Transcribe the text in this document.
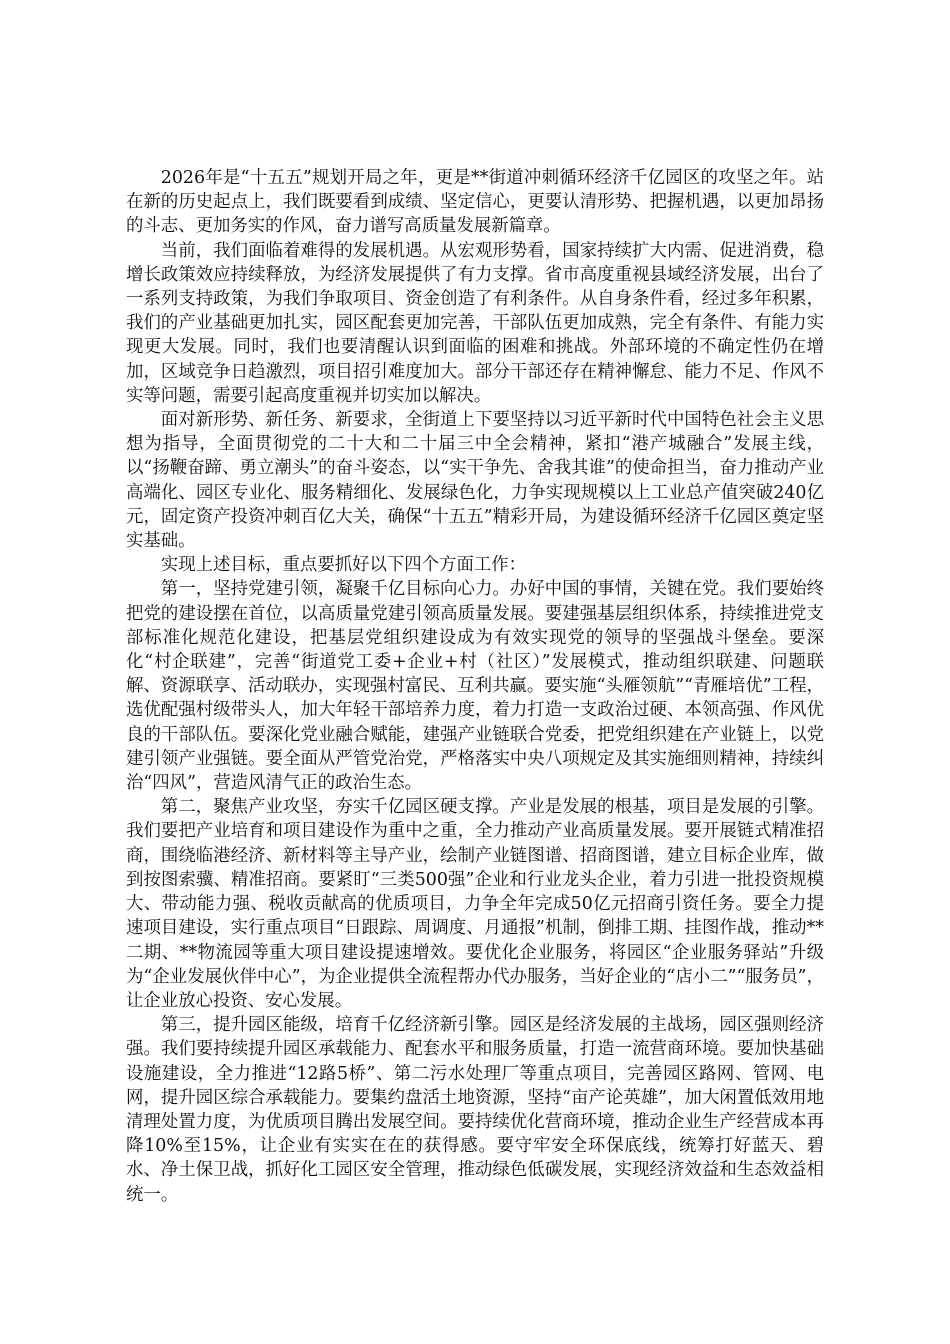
2026年是“十五五”规划开局之年，更是**街道冲刺循环经济千亿园区的攻坚之年。站在新的历史起点上，我们既要看到成绩、坚定信心，更要认清形势、把握机遇，以更加昂扬的斗志、更加务实的作风，奋力谱写高质量发展新篇章。

当前，我们面临着难得的发展机遇。从宏观形势看，国家持续扩大内需、促进消费，稳增长政策效应持续释放，为经济发展提供了有力支撑。省市高度重视县域经济发展，出台了一系列支持政策，为我们争取项目、资金创造了有利条件。从自身条件看，经过多年积累，我们的产业基础更加扎实，园区配套更加完善，干部队伍更加成熟，完全有条件、有能力实现更大发展。同时，我们也要清醒认识到面临的困难和挑战。外部环境的不确定性仍在增加，区域竞争日趋激烈，项目招引难度加大。部分干部还存在精神懈怠、能力不足、作风不实等问题，需要引起高度重视并切实加以解决。

面对新形势、新任务、新要求，全街道上下要坚持以习近平新时代中国特色社会主义思想为指导，全面贯彻党的二十大和二十届三中全会精神，紧扣“港产城融合”发展主线，以“扬鞭奋蹄、勇立潮头”的奋斗姿态，以“实干争先、舍我其谁”的使命担当，奋力推动产业高端化、园区专业化、服务精细化、发展绿色化，力争实现规模以上工业总产值突破240亿元，固定资产投资冲刺百亿大关，确保“十五五”精彩开局，为建设循环经济千亿园区奠定坚实基础。

实现上述目标，重点要抓好以下四个方面工作：

第一，坚持党建引领，凝聚千亿目标向心力。办好中国的事情，关键在党。我们要始终把党的建设摆在首位，以高质量党建引领高质量发展。要建强基层组织体系，持续推进党支部标准化规范化建设，把基层党组织建设成为有效实现党的领导的坚强战斗堡垒。要深化“村企联建”，完善“街道党工委+企业+村（社区）”发展模式，推动组织联建、问题联解、资源联享、活动联办，实现强村富民、互利共赢。要实施“头雁领航”“青雁培优”工程，选优配强村级带头人，加大年轻干部培养力度，着力打造一支政治过硬、本领高强、作风优良的干部队伍。要深化党业融合赋能，建强产业链联合党委，把党组织建在产业链上，以党建引领产业强链。要全面从严管党治党，严格落实中央八项规定及其实施细则精神，持续纠治“四风”，营造风清气正的政治生态。

第二，聚焦产业攻坚，夯实千亿园区硬支撑。产业是发展的根基，项目是发展的引擎。我们要把产业培育和项目建设作为重中之重，全力推动产业高质量发展。要开展链式精准招商，围绕临港经济、新材料等主导产业，绘制产业链图谱、招商图谱，建立目标企业库，做到按图索骥、精准招商。要紧盯“三类500强”企业和行业龙头企业，着力引进一批投资规模大、带动能力强、税收贡献高的优质项目，力争全年完成50亿元招商引资任务。要全力提速项目建设，实行重点项目“日跟踪、周调度、月通报”机制，倒排工期、挂图作战，推动**二期、**物流园等重大项目建设提速增效。要优化企业服务，将园区“企业服务驿站”升级为“企业发展伙伴中心”，为企业提供全流程帮办代办服务，当好企业的“店小二”“服务员”，让企业放心投资、安心发展。

第三，提升园区能级，培育千亿经济新引擎。园区是经济发展的主战场，园区强则经济强。我们要持续提升园区承载能力、配套水平和服务质量，打造一流营商环境。要加快基础设施建设，全力推进“12路5桥”、第二污水处理厂等重点项目，完善园区路网、管网、电网，提升园区综合承载能力。要集约盘活土地资源，坚持“亩产论英雄”，加大闲置低效用地清理处置力度，为优质项目腾出发展空间。要持续优化营商环境，推动企业生产经营成本再降10%至15%，让企业有实实在在的获得感。要守牢安全环保底线，统筹打好蓝天、碧水、净土保卫战，抓好化工园区安全管理，推动绿色低碳发展，实现经济效益和生态效益相统一。
